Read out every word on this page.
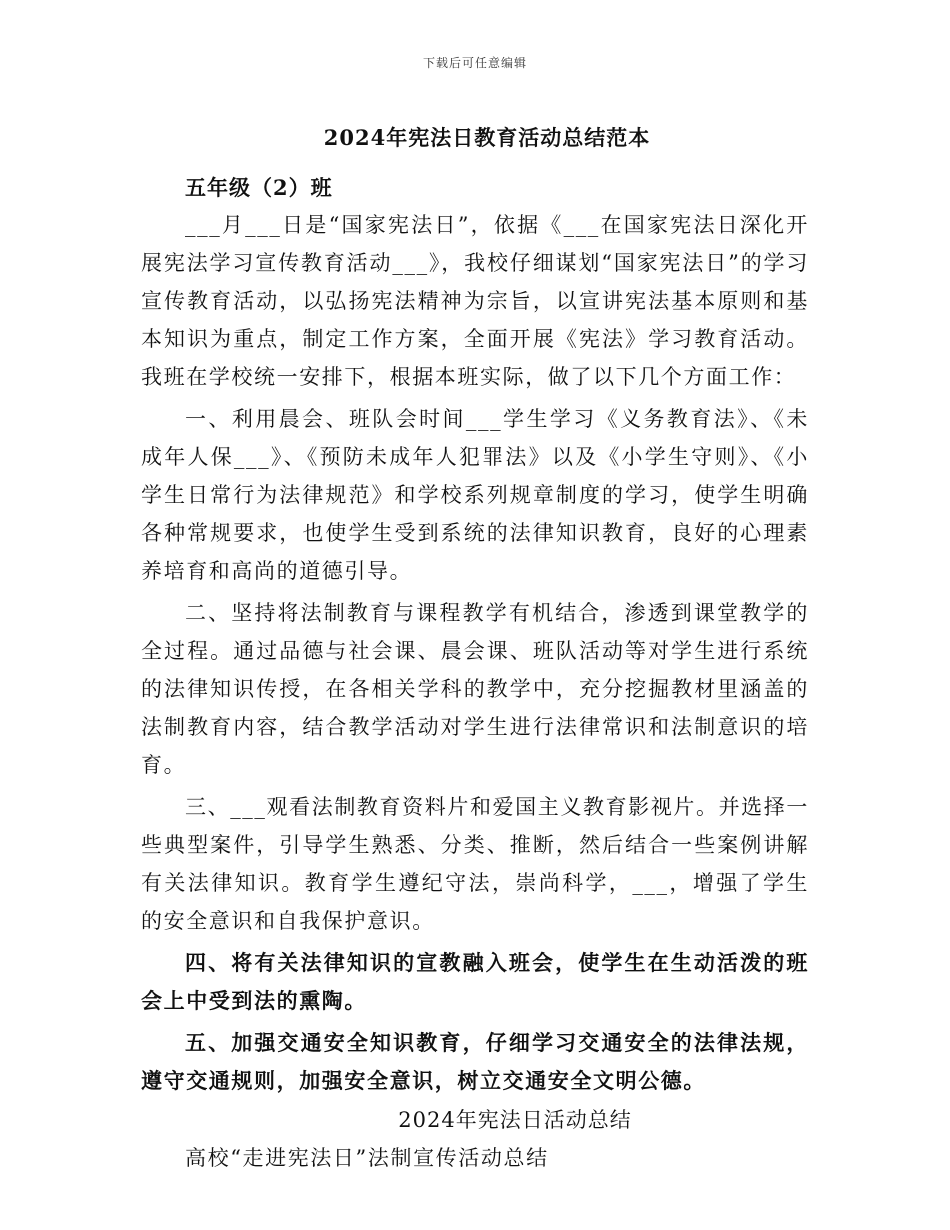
下载后可任意编辑
2024年宪法日教育活动总结范本
五年级（2）班

___月___日是“国家宪法日”，依据《___在国家宪法日深化开展宪法学习宣传教育活动___》，我校仔细谋划“国家宪法日”的学习宣传教育活动，以弘扬宪法精神为宗旨，以宣讲宪法基本原则和基本知识为重点，制定工作方案，全面开展《宪法》学习教育活动。我班在学校统一安排下，根据本班实际，做了以下几个方面工作：

一、利用晨会、班队会时间___学生学习《义务教育法》、《未成年人保___》、《预防未成年人犯罪法》以及《小学生守则》、《小学生日常行为法律规范》和学校系列规章制度的学习，使学生明确各种常规要求，也使学生受到系统的法律知识教育，良好的心理素养培育和高尚的道德引导。

二、坚持将法制教育与课程教学有机结合，渗透到课堂教学的全过程。通过品德与社会课、晨会课、班队活动等对学生进行系统的法律知识传授，在各相关学科的教学中，充分挖掘教材里涵盖的法制教育内容，结合教学活动对学生进行法律常识和法制意识的培育。

三、___观看法制教育资料片和爱国主义教育影视片。并选择一些典型案件，引导学生熟悉、分类、推断，然后结合一些案例讲解有关法律知识。教育学生遵纪守法，崇尚科学，___，增强了学生的安全意识和自我保护意识。

四、将有关法律知识的宣教融入班会，使学生在生动活泼的班会上中受到法的熏陶。

五、加强交通安全知识教育，仔细学习交通安全的法律法规，遵守交通规则，加强安全意识，树立交通安全文明公德。

2024年宪法日活动总结

高校“走进宪法日”法制宣传活动总结
